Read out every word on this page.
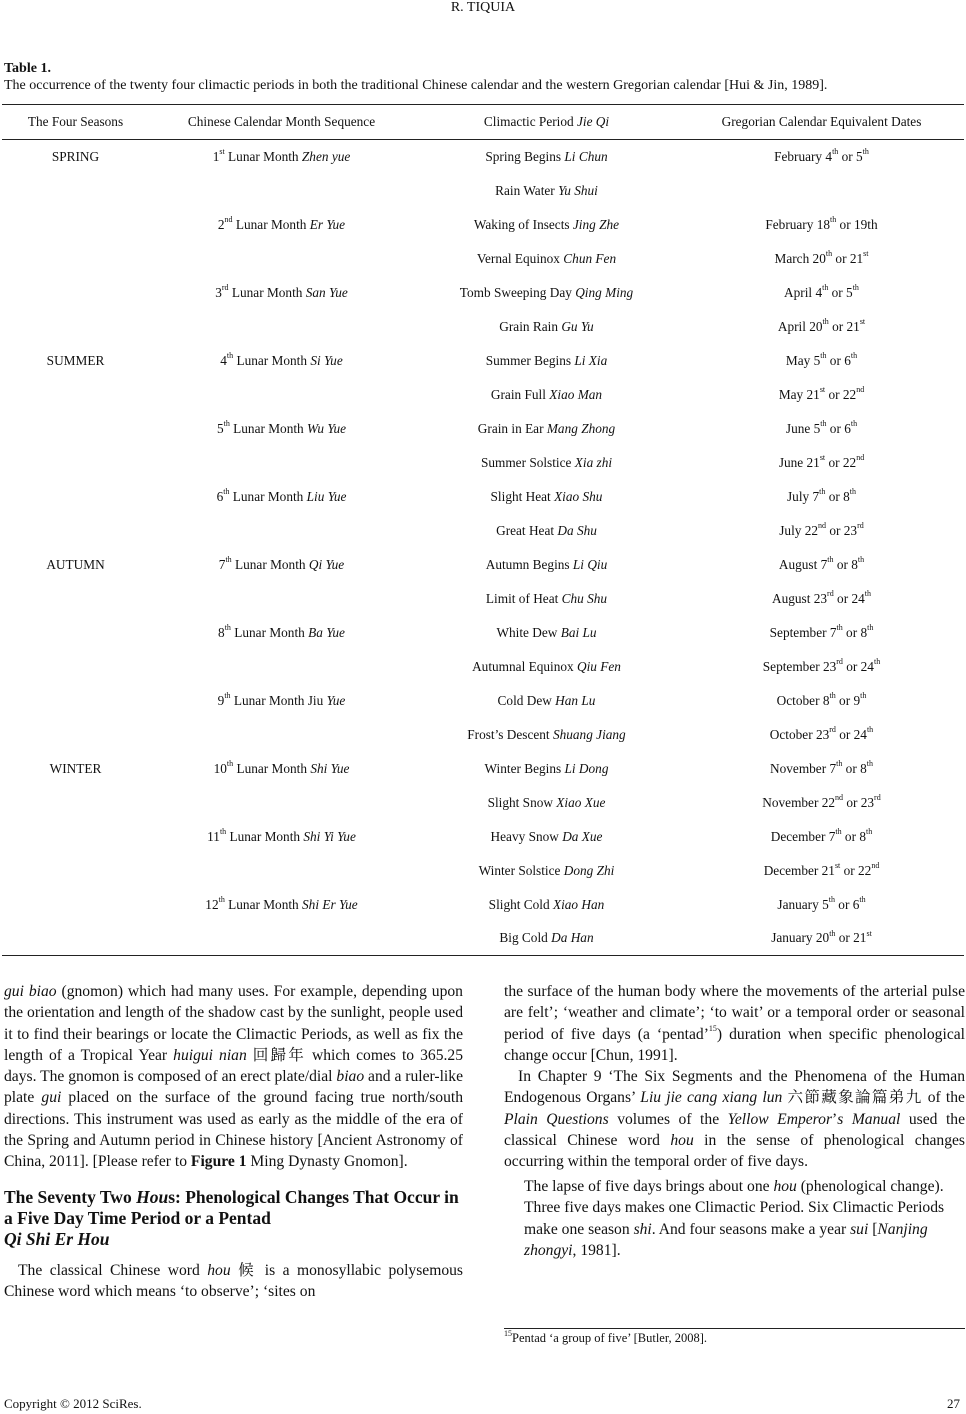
R. TIQUIA
Table 1.
The occurrence of the twenty four climactic periods in both the traditional Chinese calendar and the western Gregorian calendar [Hui & Jin, 1989].
The Four Seasons	Chinese Calendar Month Sequence	Climactic Period Jie Qi	Gregorian Calendar Equivalent Dates
SPRING	1st Lunar Month Zhen yue	Spring Begins Li Chun	February 4th or 5th
		Rain Water Yu Shui	
	2nd Lunar Month Er Yue	Waking of Insects Jing Zhe	February 18th or 19th
		Vernal Equinox Chun Fen	March 20th or 21st
	3rd Lunar Month San Yue	Tomb Sweeping Day Qing Ming	April 4th or 5th
		Grain Rain Gu Yu	April 20th or 21st
SUMMER	4th Lunar Month Si Yue	Summer Begins Li Xia	May 5th or 6th
		Grain Full Xiao Man	May 21st or 22nd
	5th Lunar Month Wu Yue	Grain in Ear Mang Zhong	June 5th or 6th
		Summer Solstice Xia zhi	June 21st or 22nd
	6th Lunar Month Liu Yue	Slight Heat Xiao Shu	July 7th or 8th
		Great Heat Da Shu	July 22nd or 23rd
AUTUMN	7th Lunar Month Qi Yue	Autumn Begins Li Qiu	August 7th or 8th
		Limit of Heat Chu Shu	August 23rd or 24th
	8th Lunar Month Ba Yue	White Dew Bai Lu	September 7th or 8th
		Autumnal Equinox Qiu Fen	September 23rd or 24th
	9th Lunar Month Jiu Yue	Cold Dew Han Lu	October 8th or 9th
		Frost’s Descent Shuang Jiang	October 23rd or 24th
WINTER	10th Lunar Month Shi Yue	Winter Begins Li Dong	November 7th or 8th
		Slight Snow Xiao Xue	November 22nd or 23rd
	11th Lunar Month Shi Yi Yue	Heavy Snow Da Xue	December 7th or 8th
		Winter Solstice Dong Zhi	December 21st or 22nd
	12th Lunar Month Shi Er Yue	Slight Cold Xiao Han	January 5th or 6th
		Big Cold Da Han	January 20th or 21st

gui biao (gnomon) which had many uses. For example, depending upon the orientation and length of the shadow cast by the sunlight, people used it to find their bearings or locate the Climactic Periods, as well as fix the length of a Tropical Year huigui nian 回歸年 which comes to 365.25 days. The gnomon is composed of an erect plate/dial biao and a ruler-like plate gui placed on the surface of the ground facing true north/south directions. This instrument was used as early as the middle of the era of the Spring and Autumn period in Chinese history [Ancient Astronomy of China, 2011]. [Please refer to Figure 1 Ming Dynasty Gnomon].

The Seventy Two Hous: Phenological Changes That Occur in a Five Day Time Period or a Pentad
Qi Shi Er Hou

The classical Chinese word hou 候 is a monosyllabic polysemous Chinese word which means ‘to observe’; ‘sites on

the surface of the human body where the movements of the arterial pulse are felt’; ‘weather and climate’; ‘to wait’ or a temporal order or seasonal period of five days (a ‘pentad’$^{15}$) duration when specific phenological change occur [Chun, 1991].

In Chapter 9 ‘The Six Segments and the Phenomena of the Human Endogenous Organs’ Liu jie cang xiang lun 六節藏象論篇弟九 of the Plain Questions volumes of the Yellow Emperor’s Manual used the classical Chinese word hou in the sense of phenological changes occurring within the temporal order of five days.

The lapse of five days brings about one hou (phenological change). Three five days makes one Climactic Period. Six Climactic Periods make one season shi. And four seasons make a year sui [Nanjing zhongyi, 1981].

$^{15}$Pentad ‘a group of five’ [Butler, 2008].
Copyright © 2012 SciRes.	27
